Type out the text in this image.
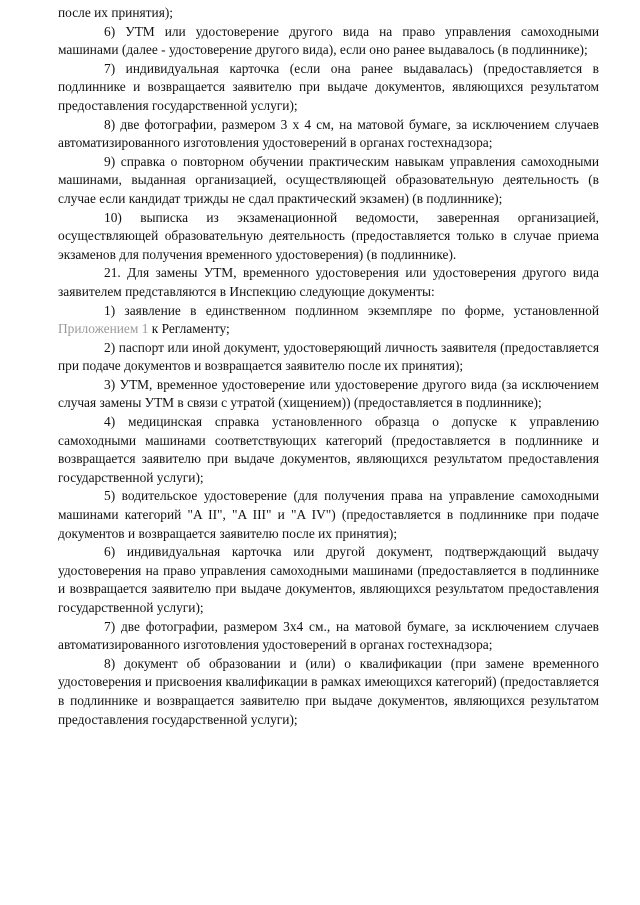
после их принятия);

6) УТМ или удостоверение другого вида на право управления самоходными машинами (далее - удостоверение другого вида), если оно ранее выдавалось (в подлиннике);

7) индивидуальная карточка (если она ранее выдавалась) (предоставляется в подлиннике и возвращается заявителю при выдаче документов, являющихся результатом предоставления государственной услуги);

8) две фотографии, размером 3 х 4 см, на матовой бумаге, за исключением случаев автоматизированного изготовления удостоверений в органах гостехнадзора;

9) справка о повторном обучении практическим навыкам управления самоходными машинами, выданная организацией, осуществляющей образовательную деятельность (в случае если кандидат трижды не сдал практический экзамен) (в подлиннике);

10) выписка из экзаменационной ведомости, заверенная организацией, осуществляющей образовательную деятельность (предоставляется только в случае приема экзаменов для получения временного удостоверения) (в подлиннике).

21. Для замены УТМ, временного удостоверения или удостоверения другого вида заявителем представляются в Инспекцию следующие документы:

1) заявление в единственном подлинном экземпляре по форме, установленной Приложением 1 к Регламенту;

2) паспорт или иной документ, удостоверяющий личность заявителя (предоставляется при подаче документов и возвращается заявителю после их принятия);

3) УТМ, временное удостоверение или удостоверение другого вида (за исключением случая замены УТМ в связи с утратой (хищением)) (предоставляется в подлиннике);

4) медицинская справка установленного образца о допуске к управлению самоходными машинами соответствующих категорий (предоставляется в подлиннике и возвращается заявителю при выдаче документов, являющихся результатом предоставления государственной услуги);

5) водительское удостоверение (для получения права на управление самоходными машинами категорий "A II", "A III" и "A IV") (предоставляется в подлиннике при подаче документов и возвращается заявителю после их принятия);

6) индивидуальная карточка или другой документ, подтверждающий выдачу удостоверения на право управления самоходными машинами (предоставляется в подлиннике и возвращается заявителю при выдаче документов, являющихся результатом предоставления государственной услуги);

7) две фотографии, размером 3х4 см., на матовой бумаге, за исключением случаев автоматизированного изготовления удостоверений в органах гостехнадзора;

8) документ об образовании и (или) о квалификации (при замене временного удостоверения и присвоения квалификации в рамках имеющихся категорий) (предоставляется в подлиннике и возвращается заявителю при выдаче документов, являющихся результатом предоставления государственной услуги);
